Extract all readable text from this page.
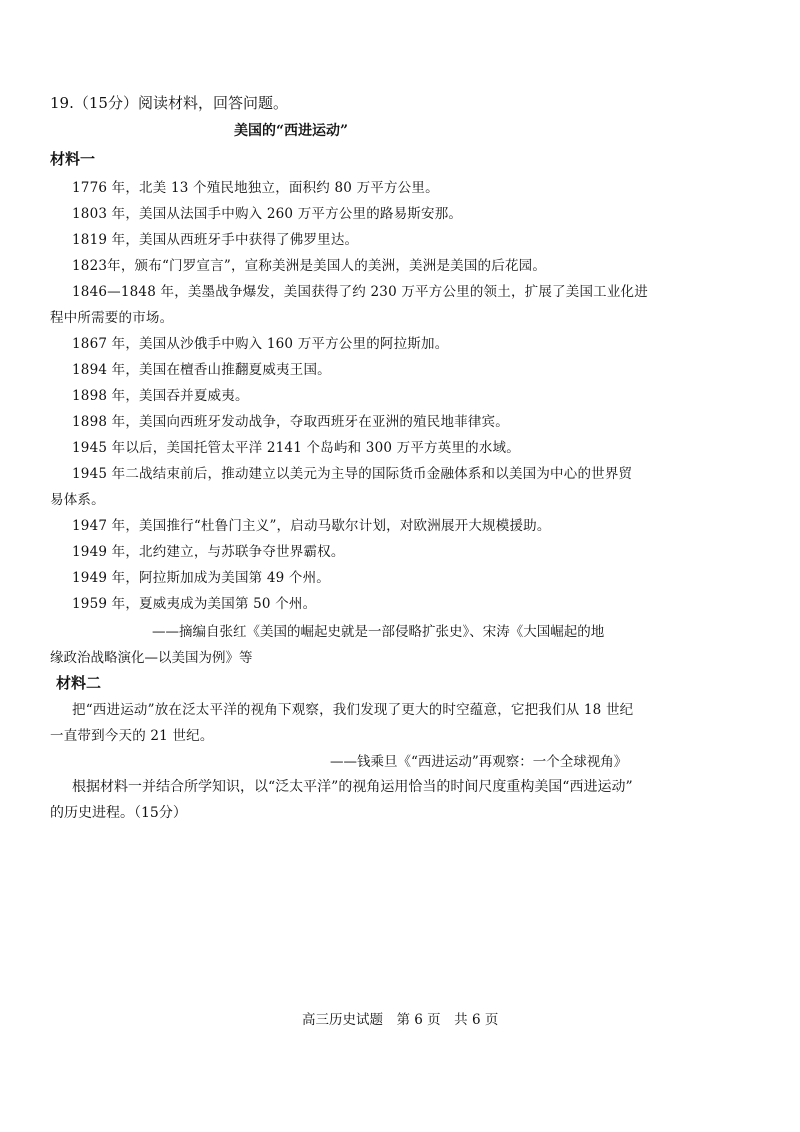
19.（15分）阅读材料，回答问题。
美国的“西进运动”
材料一
1776 年，北美 13 个殖民地独立，面积约 80 万平方公里。
1803 年，美国从法国手中购入 260 万平方公里的路易斯安那。
1819 年，美国从西班牙手中获得了佛罗里达。
1823年，颁布“门罗宣言”，宣称美洲是美国人的美洲，美洲是美国的后花园。
1846—1848 年，美墨战争爆发，美国获得了约 230 万平方公里的领土，扩展了美国工业化进
程中所需要的市场。
1867 年，美国从沙俄手中购入 160 万平方公里的阿拉斯加。
1894 年，美国在檀香山推翻夏威夷王国。
1898 年，美国吞并夏威夷。
1898 年，美国向西班牙发动战争，夺取西班牙在亚洲的殖民地菲律宾。
1945 年以后，美国托管太平洋 2141 个岛屿和 300 万平方英里的水域。
1945 年二战结束前后，推动建立以美元为主导的国际货币金融体系和以美国为中心的世界贸
易体系。
1947 年，美国推行“杜鲁门主义”，启动马歇尔计划，对欧洲展开大规模援助。
1949 年，北约建立，与苏联争夺世界霸权。
1949 年，阿拉斯加成为美国第 49 个州。
1959 年，夏威夷成为美国第 50 个州。
——摘编自张红《美国的崛起史就是一部侵略扩张史》、宋涛《大国崛起的地
缘政治战略演化—以美国为例》等
材料二
把“西进运动”放在泛太平洋的视角下观察，我们发现了更大的时空蕴意，它把我们从 18 世纪
一直带到今天的 21 世纪。
——钱乘旦《“西进运动”再观察：一个全球视角》
根据材料一并结合所学知识，以“泛太平洋”的视角运用恰当的时间尺度重构美国“西进运动”
的历史进程。（15分）
高三历史试题　第 6 页　共 6 页
